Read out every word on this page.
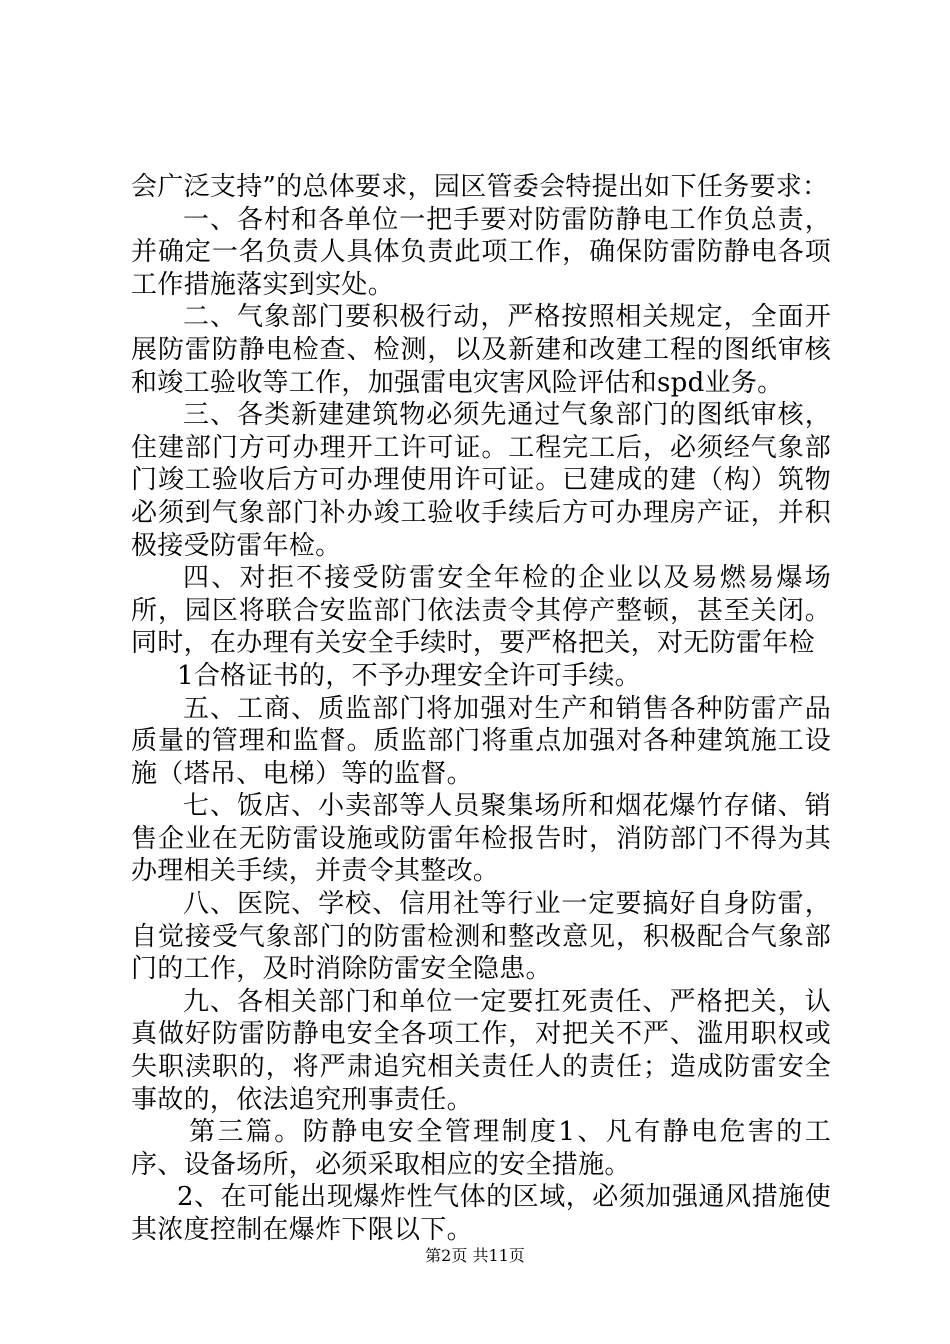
会广泛支持”的总体要求，园区管委会特提出如下任务要求：

一、各村和各单位一把手要对防雷防静电工作负总责，并确定一名负责人具体负责此项工作，确保防雷防静电各项工作措施落实到实处。

二、气象部门要积极行动，严格按照相关规定，全面开展防雷防静电检查、检测，以及新建和改建工程的图纸审核和竣工验收等工作，加强雷电灾害风险评估和spd业务。

三、各类新建建筑物必须先通过气象部门的图纸审核，住建部门方可办理开工许可证。工程完工后，必须经气象部门竣工验收后方可办理使用许可证。已建成的建（构）筑物必须到气象部门补办竣工验收手续后方可办理房产证，并积极接受防雷年检。

四、对拒不接受防雷安全年检的企业以及易燃易爆场所，园区将联合安监部门依法责令其停产整顿，甚至关闭。同时，在办理有关安全手续时，要严格把关，对无防雷年检

1合格证书的，不予办理安全许可手续。

五、工商、质监部门将加强对生产和销售各种防雷产品质量的管理和监督。质监部门将重点加强对各种建筑施工设施（塔吊、电梯）等的监督。

七、饭店、小卖部等人员聚集场所和烟花爆竹存储、销售企业在无防雷设施或防雷年检报告时，消防部门不得为其办理相关手续，并责令其整改。

八、医院、学校、信用社等行业一定要搞好自身防雷，自觉接受气象部门的防雷检测和整改意见，积极配合气象部门的工作，及时消除防雷安全隐患。

九、各相关部门和单位一定要扛死责任、严格把关，认真做好防雷防静电安全各项工作，对把关不严、滥用职权或失职渎职的，将严肃追究相关责任人的责任；造成防雷安全事故的，依法追究刑事责任。

第三篇。防静电安全管理制度1、凡有静电危害的工序、设备场所，必须采取相应的安全措施。

2、在可能出现爆炸性气体的区域，必须加强通风措施使其浓度控制在爆炸下限以下。

第2页 共11页
